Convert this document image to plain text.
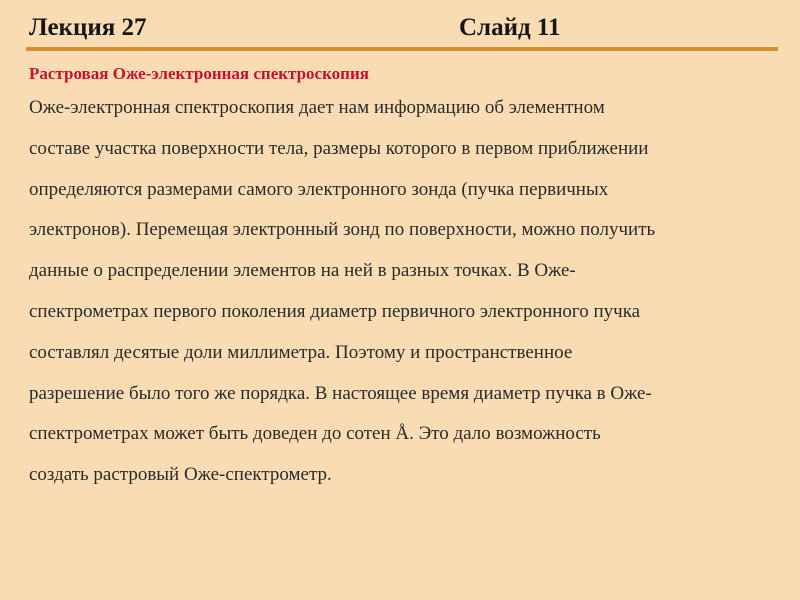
Лекция 27	Слайд 11
Растровая Оже-электронная спектроскопия
Оже-электронная спектроскопия дает нам информацию об элементном
составе участка поверхности тела, размеры которого в первом приближении
определяются размерами самого электронного зонда (пучка первичных
электронов). Перемещая электронный зонд по поверхности, можно получить
данные о распределении элементов на ней в разных точках. В Оже-
спектрометрах первого поколения диаметр первичного электронного пучка
составлял десятые доли миллиметра. Поэтому и пространственное
разрешение было того же порядка. В настоящее время диаметр пучка в Оже-
спектрометрах может быть доведен до сотен Å. Это дало возможность
создать растровый Оже-спектрометр.
